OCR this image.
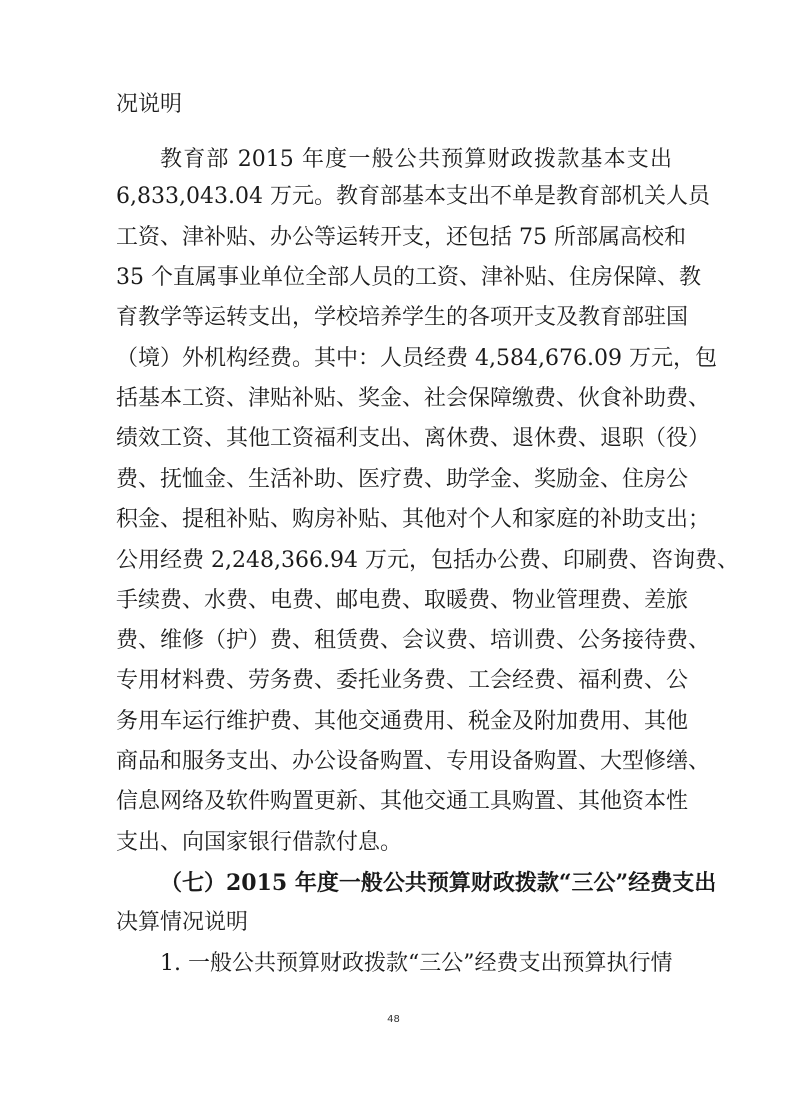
况说明
教育部 2015 年度一般公共预算财政拨款基本支出
6,833,043.04 万元。教育部基本支出不单是教育部机关人员
工资、津补贴、办公等运转开支，还包括 75 所部属高校和
35 个直属事业单位全部人员的工资、津补贴、住房保障、教
育教学等运转支出，学校培养学生的各项开支及教育部驻国
（境）外机构经费。其中：人员经费 4,584,676.09 万元，包
括基本工资、津贴补贴、奖金、社会保障缴费、伙食补助费、
绩效工资、其他工资福利支出、离休费、退休费、退职（役）
费、抚恤金、生活补助、医疗费、助学金、奖励金、住房公
积金、提租补贴、购房补贴、其他对个人和家庭的补助支出；
公用经费 2,248,366.94 万元，包括办公费、印刷费、咨询费、
手续费、水费、电费、邮电费、取暖费、物业管理费、差旅
费、维修（护）费、租赁费、会议费、培训费、公务接待费、
专用材料费、劳务费、委托业务费、工会经费、福利费、公
务用车运行维护费、其他交通费用、税金及附加费用、其他
商品和服务支出、办公设备购置、专用设备购置、大型修缮、
信息网络及软件购置更新、其他交通工具购置、其他资本性
支出、向国家银行借款付息。
（七）2015 年度一般公共预算财政拨款“三公”经费支出
决算情况说明
1. 一般公共预算财政拨款“三公”经费支出预算执行情
48
